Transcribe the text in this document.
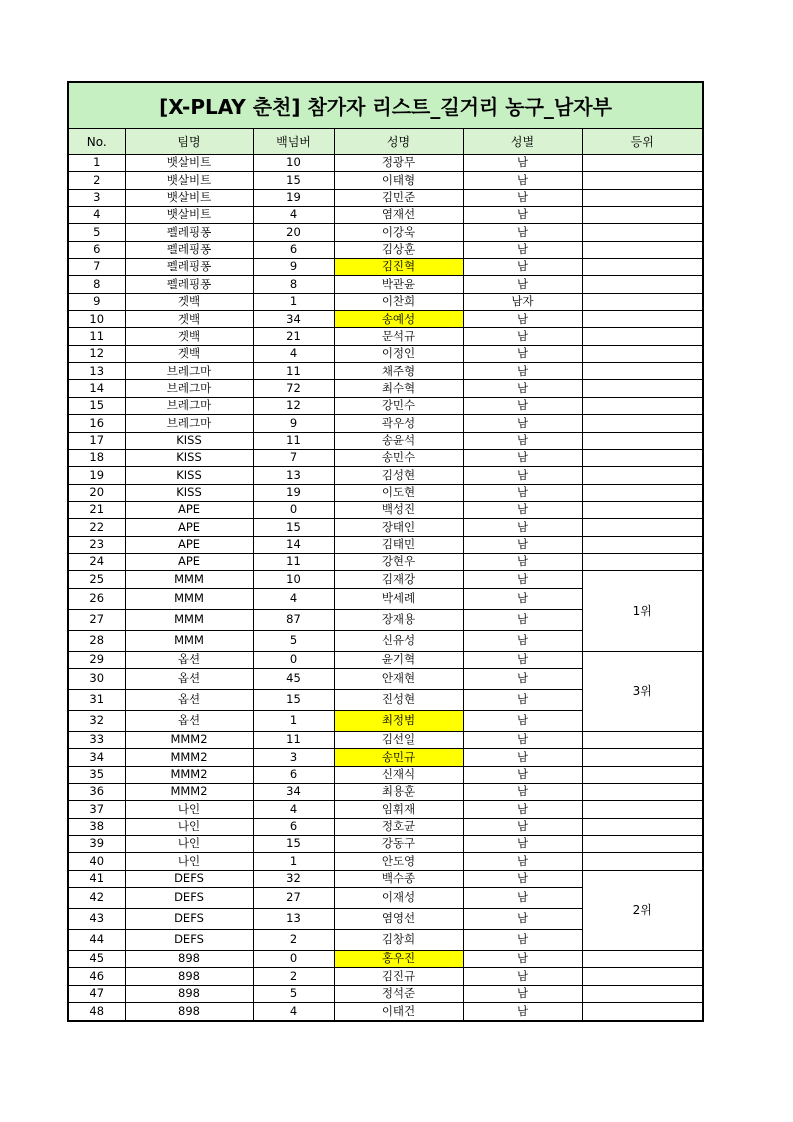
[X-PLAY 춘천] 참가자 리스트_길거리 농구_남자부
No.	팀명	백넘버	성명	성별	등위
1	뱃살비트	10	정광무	남	
2	뱃살비트	15	이태형	남	
3	뱃살비트	19	김민준	남	
4	뱃살비트	4	염재선	남	
5	펠레핑퐁	20	이강욱	남	
6	펠레핑퐁	6	김상훈	남	
7	펠레핑퐁	9	김진혁	남	
8	펠레핑퐁	8	박관윤	남	
9	겟백	1	이찬희	남자	
10	겟백	34	송예성	남	
11	겟백	21	문석규	남	
12	겟백	4	이정인	남	
13	브레그마	11	채주형	남	
14	브레그마	72	최수혁	남	
15	브레그마	12	강민수	남	
16	브레그마	9	곽우성	남	
17	KISS	11	송윤석	남	
18	KISS	7	송민수	남	
19	KISS	13	김성현	남	
20	KISS	19	이도현	남	
21	APE	0	백성진	남	
22	APE	15	장태인	남	
23	APE	14	김태민	남	
24	APE	11	강현우	남	
25	MMM	10	김재강	남	1위
26	MMM	4	박세례	남	
27	MMM	87	장재용	남	
28	MMM	5	신유성	남	
29	옵션	0	윤기혁	남	3위
30	옵션	45	안재현	남	
31	옵션	15	진성현	남	
32	옵션	1	최정범	남	
33	MMM2	11	김선일	남	
34	MMM2	3	송민규	남	
35	MMM2	6	신재식	남	
36	MMM2	34	최용훈	남	
37	나인	4	임휘재	남	
38	나인	6	정호균	남	
39	나인	15	강동구	남	
40	나인	1	안도영	남	
41	DEFS	32	백수종	남	2위
42	DEFS	27	이재성	남	
43	DEFS	13	염영선	남	
44	DEFS	2	김창희	남	
45	898	0	홍우진	남	
46	898	2	김진규	남	
47	898	5	정석준	남	
48	898	4	이태건	남	
